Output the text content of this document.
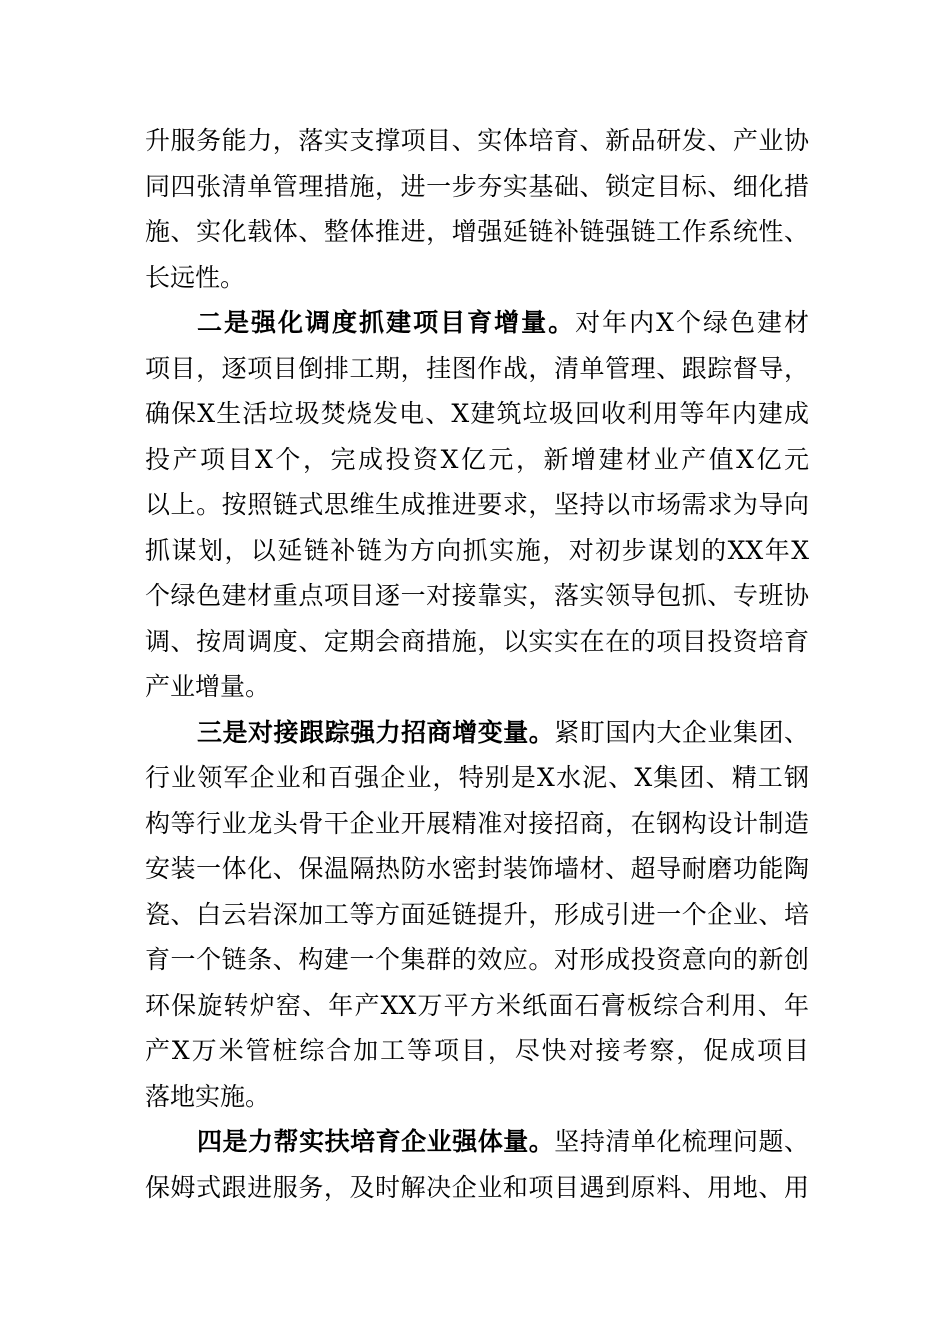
升服务能力，落实支撑项目、实体培育、新品研发、产业协
同四张清单管理措施，进一步夯实基础、锁定目标、细化措
施、实化载体、整体推进，增强延链补链强链工作系统性、
长远性。
二是强化调度抓建项目育增量。对年内X个绿色建材
项目，逐项目倒排工期，挂图作战，清单管理、跟踪督导，
确保X生活垃圾焚烧发电、X建筑垃圾回收利用等年内建成
投产项目X个，完成投资X亿元，新增建材业产值X亿元
以上。按照链式思维生成推进要求，坚持以市场需求为导向
抓谋划，以延链补链为方向抓实施，对初步谋划的XX年X
个绿色建材重点项目逐一对接靠实，落实领导包抓、专班协
调、按周调度、定期会商措施，以实实在在的项目投资培育
产业增量。
三是对接跟踪强力招商增变量。紧盯国内大企业集团、
行业领军企业和百强企业，特别是X水泥、X集团、精工钢
构等行业龙头骨干企业开展精准对接招商，在钢构设计制造
安装一体化、保温隔热防水密封装饰墙材、超导耐磨功能陶
瓷、白云岩深加工等方面延链提升，形成引进一个企业、培
育一个链条、构建一个集群的效应。对形成投资意向的新创
环保旋转炉窑、年产XX万平方米纸面石膏板综合利用、年
产X万米管桩综合加工等项目，尽快对接考察，促成项目
落地实施。
四是力帮实扶培育企业强体量。坚持清单化梳理问题、
保姆式跟进服务，及时解决企业和项目遇到原料、用地、用
